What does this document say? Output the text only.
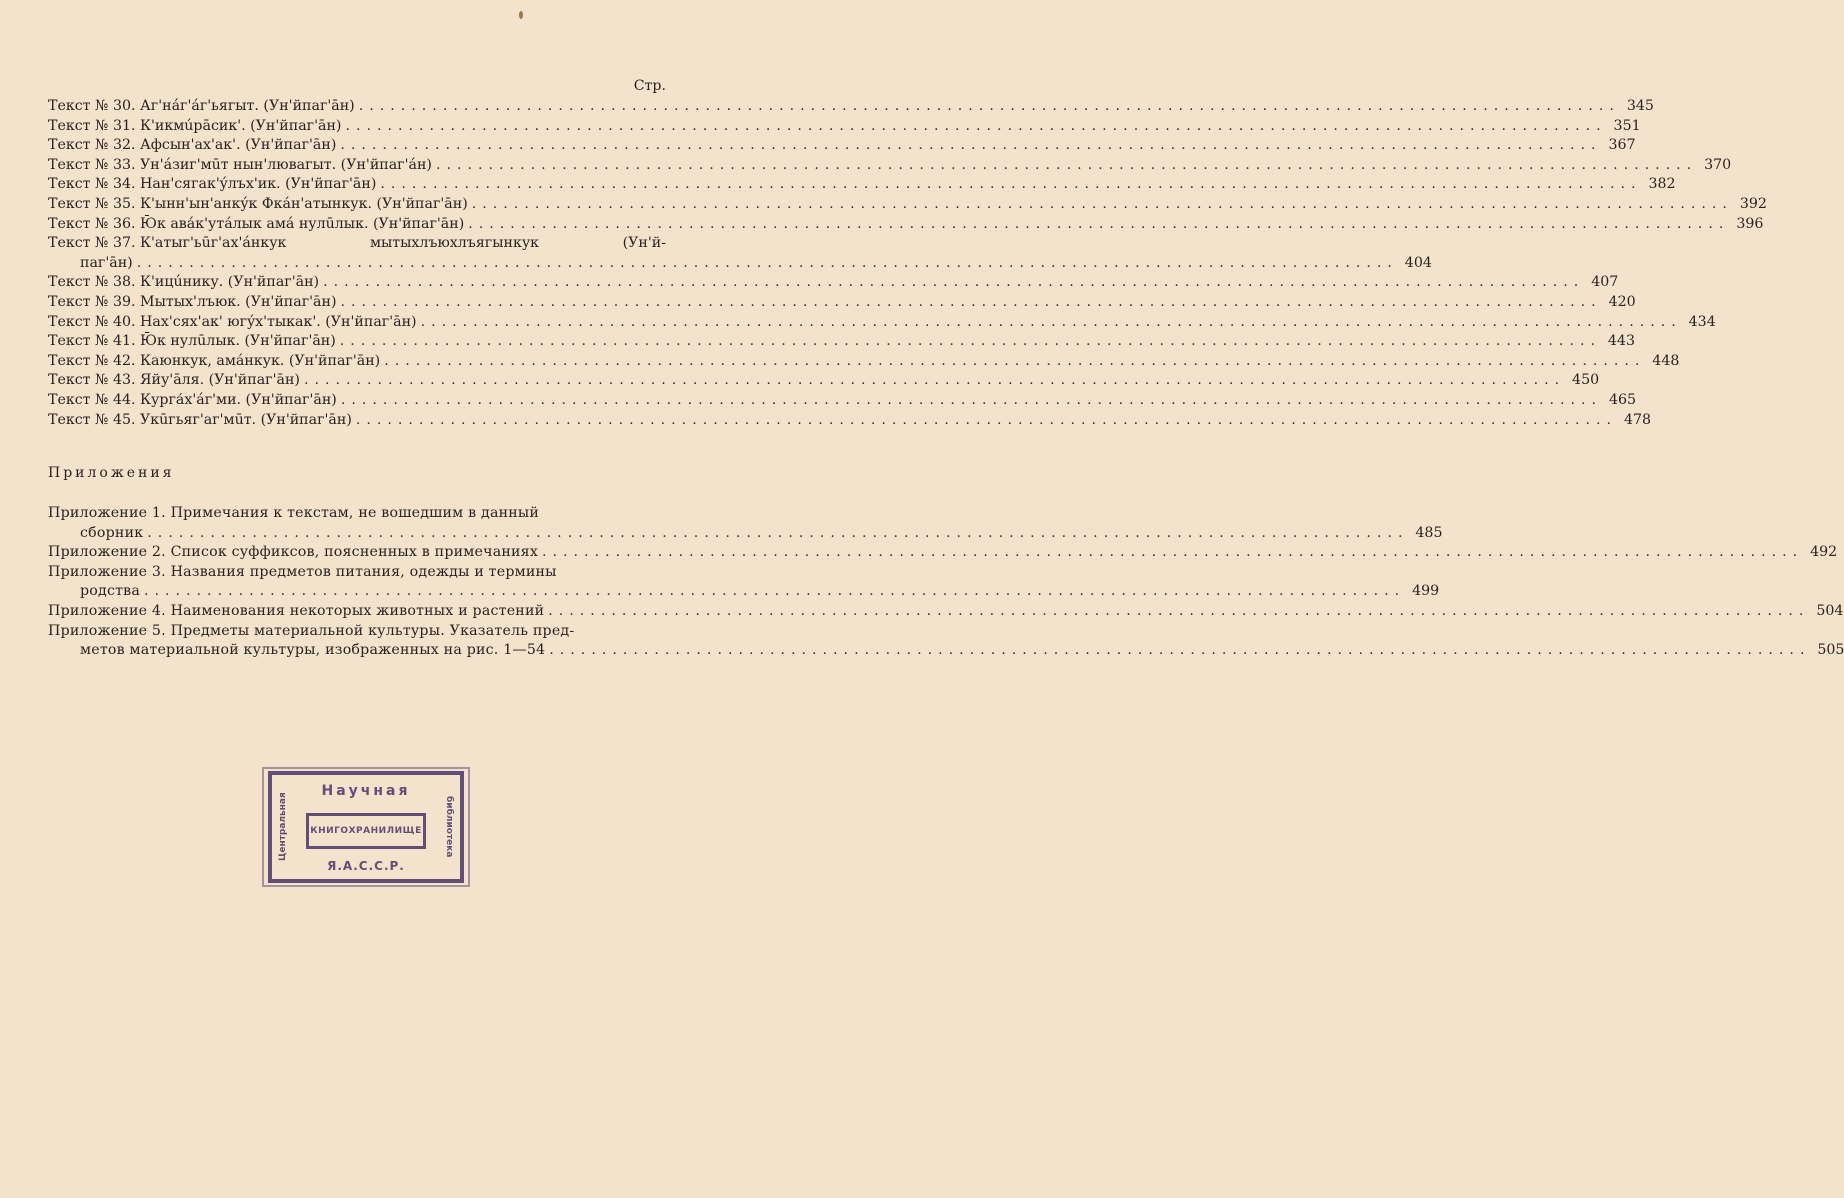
Стр.
Текст № 30. Аг'нáг'áг'ьягыт. (Ун'йпаг'āн) ........................................................................................................................ 345
Текст № 31. К'икмúрāсик'. (Ун'йпаг'āн) ........................................................................................................................ 351
Текст № 32. Афсын'ах'ак'. (Ун'йпаг'āн) ........................................................................................................................ 367
Текст № 33. Ун'áзиг'мūт нын'лювагыт. (Ун'йпаг'áн) ........................................................................................................................ 370
Текст № 34. Нан'сягак'ýлъх'ик. (Ун'йпаг'āн) ........................................................................................................................ 382
Текст № 35. К'ынн'ын'анкýк Фкáн'атынкук. (Ун'йпаг'āн) ........................................................................................................................ 392
Текст № 36. Ю̄к авáк'утáлык амá нулūлык. (Ун'йпаг'āн) ........................................................................................................................ 396
Текст № 37. К'атыг'ьūг'ах'áнкук	мытыхлъюхлъягынкук	(Ун'й-
паг'āн) ........................................................................................................................ 404
Текст № 38. К'ицúнику. (Ун'йпаг'āн) ........................................................................................................................ 407
Текст № 39. Мытых'лъюк. (Ун'йпаг'āн) ........................................................................................................................ 420
Текст № 40. Нах'сях'ак' югýх'тыкак'. (Ун'йпаг'āн) ........................................................................................................................ 434
Текст № 41. Ю̄к нулūлык. (Ун'йпаг'āн) ........................................................................................................................ 443
Текст № 42. Каюнкук, амáнкук. (Ун'йпаг'āн) ........................................................................................................................ 448
Текст № 43. Яйу'āля. (Ун'йпаг'āн) ........................................................................................................................ 450
Текст № 44. Курга́х'áг'ми. (Ун'йпаг'āн) ........................................................................................................................ 465
Текст № 45. Укūгьяг'аг'мūт. (Ун'йпаг'āн) ........................................................................................................................ 478
Приложения
Приложение 1. Примечания к текстам, не вошедшим в данный
сборник ........................................................................................................................ 485
Приложение 2. Список суффиксов, поясненных в примечаниях ........................................................................................................................ 492
Приложение 3. Названия предметов питания, одежды и термины
родства ........................................................................................................................ 499
Приложение 4. Наименования некоторых животных и растений ........................................................................................................................ 504
Приложение 5. Предметы материальной культуры. Указатель пред-
метов материальной культуры, изображенных на рис. 1—54 ........................................................................................................................ 505
Центральная	библиотека
Научная
КНИГОХРАНИЛИЩЕ
Я.А.С.С.Р.
